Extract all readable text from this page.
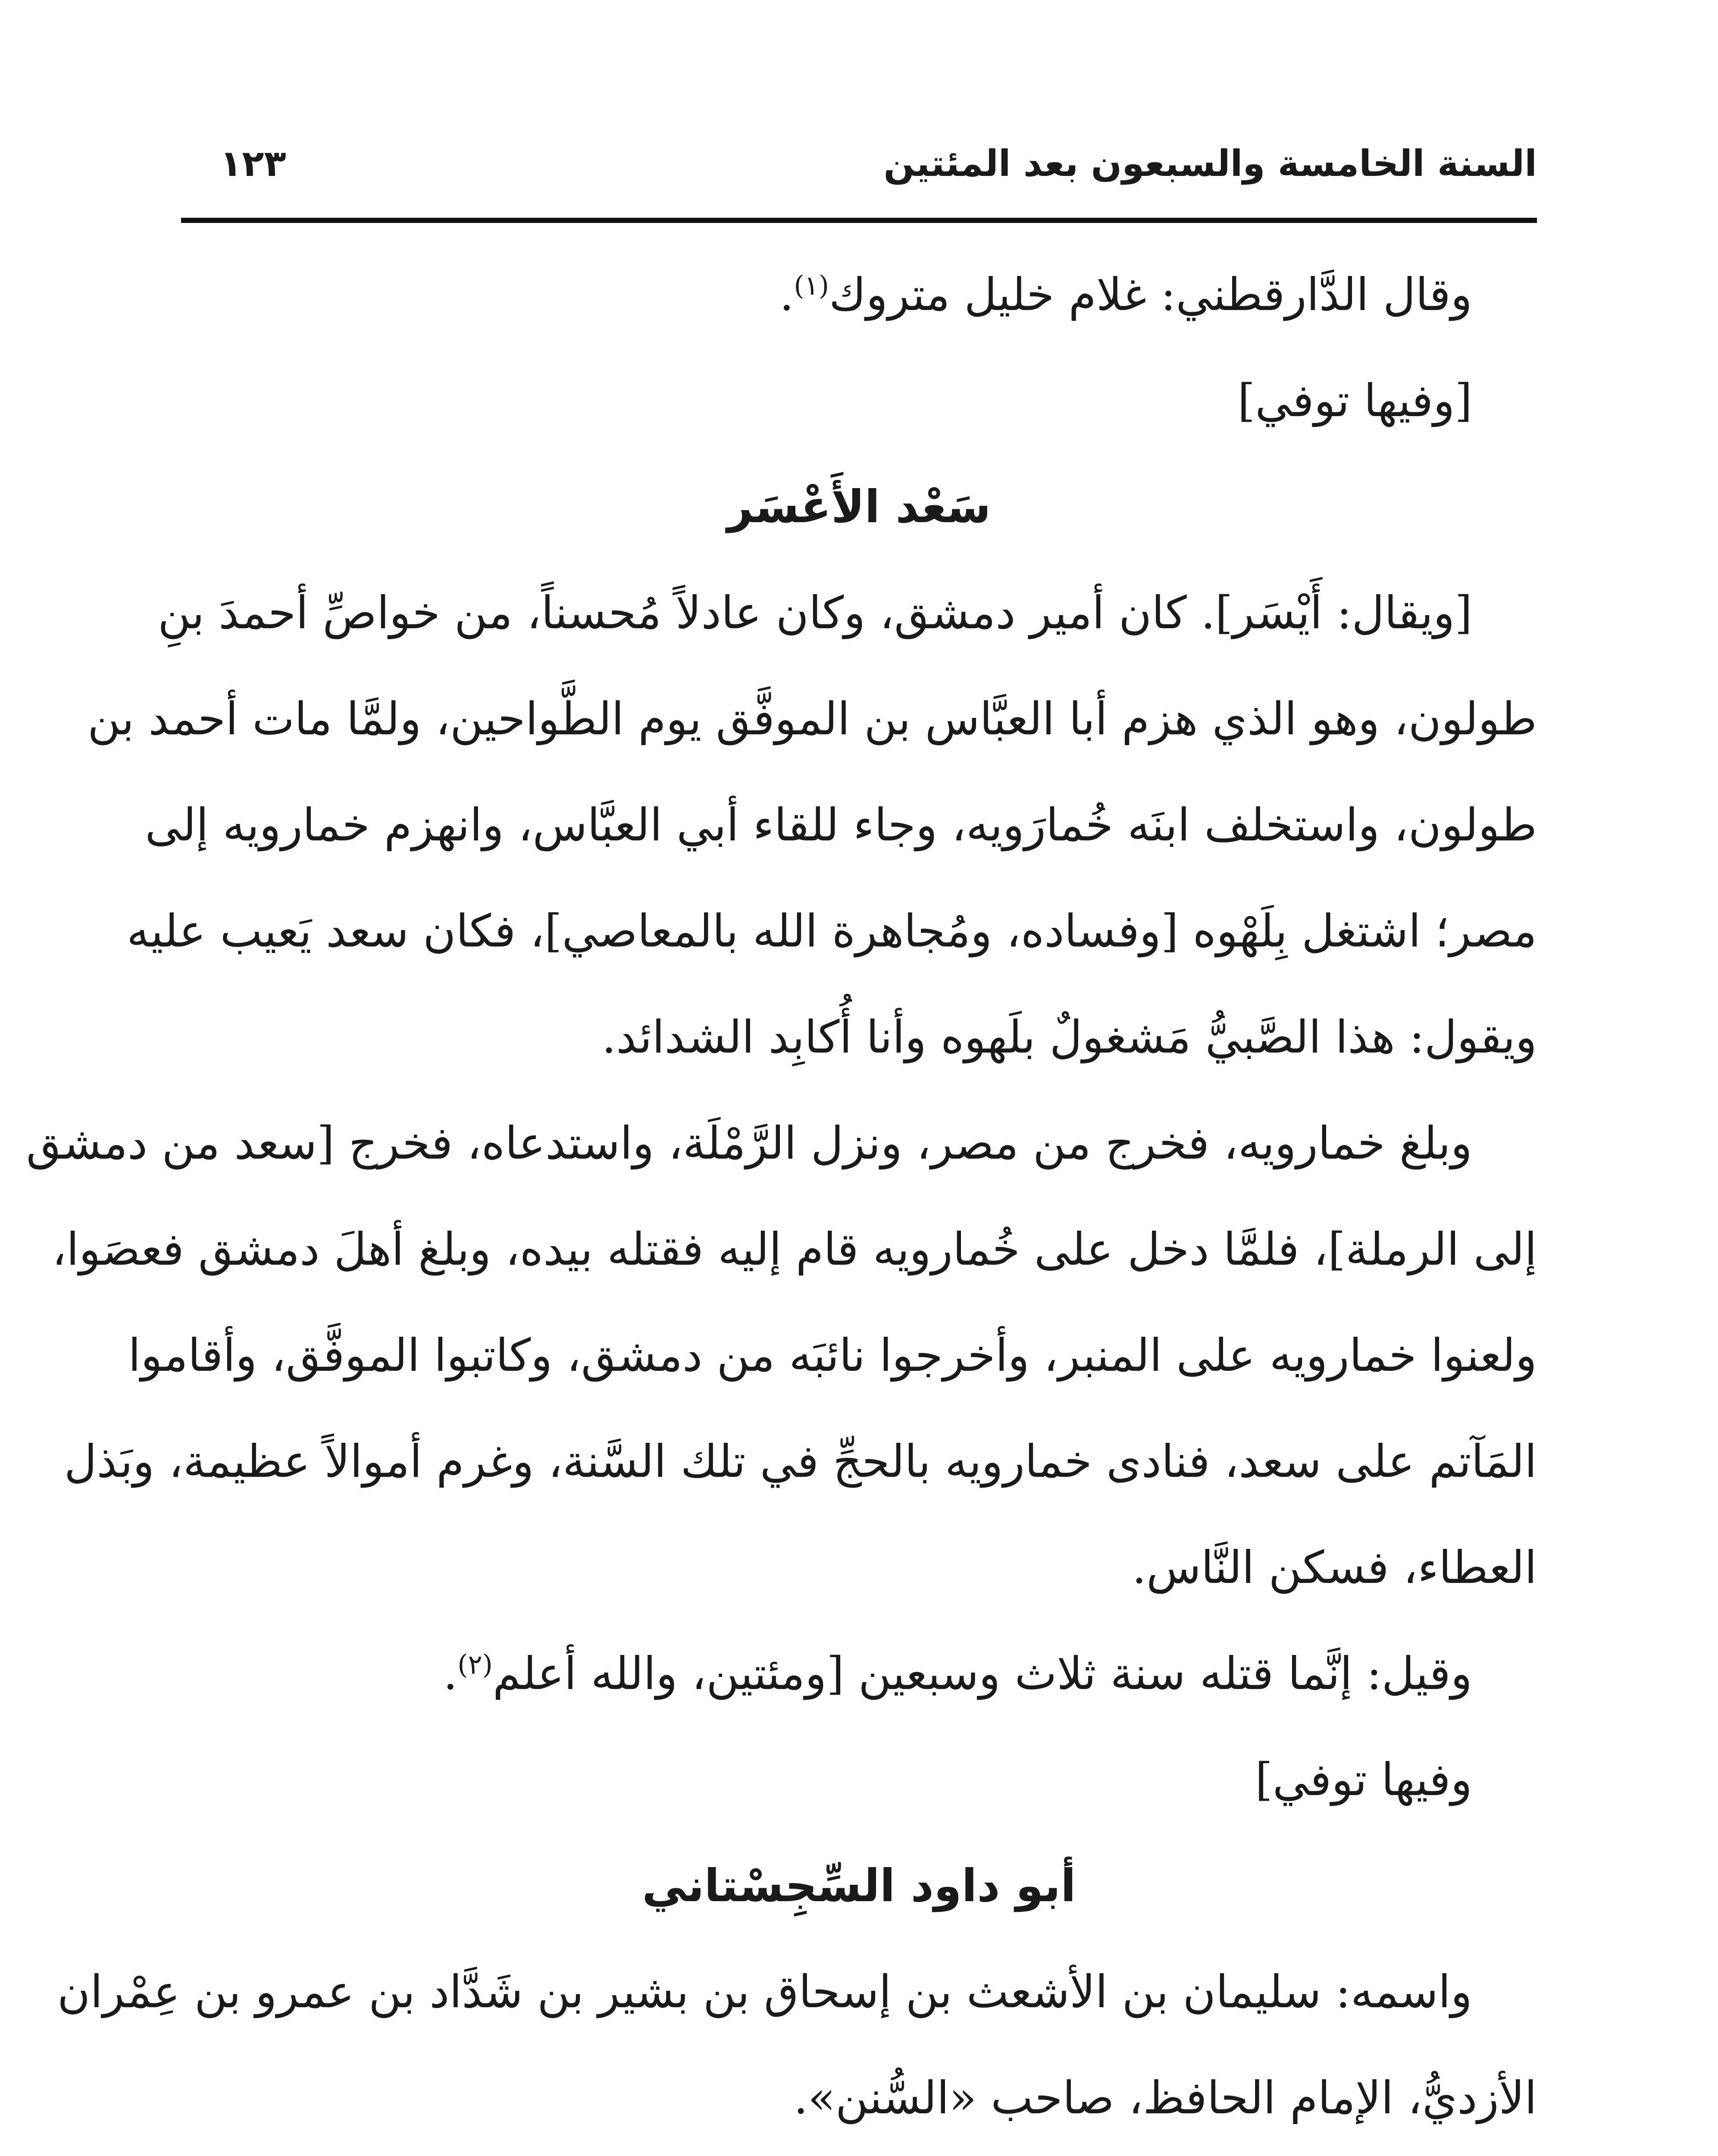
السنة الخامسة والسبعون بعد المئتين
١٢٣
وقال الدَّارقطني: غلام خليل متروك$^{(١)}$.
[وفيها توفي]
سَعْد الأَعْسَر
[ويقال: أَيْسَر]. كان أمير دمشق، وكان عادلاً مُحسناً، من خواصِّ أحمدَ بنِ
طولون، وهو الذي هزم أبا العبَّاس بن الموفَّق يوم الطَّواحين، ولمَّا مات أحمد بن
طولون، واستخلف ابنَه خُمارَويه، وجاء للقاء أبي العبَّاس، وانهزم خمارويه إلى
مصر؛ اشتغل بِلَهْوه [وفساده، ومُجاهرة الله بالمعاصي]، فكان سعد يَعيب عليه
ويقول: هذا الصَّبيُّ مَشغولٌ بلَهوه وأنا أُكابِد الشدائد.
وبلغ خمارويه، فخرج من مصر، ونزل الرَّمْلَة، واستدعاه، فخرج [سعد من دمشق
إلى الرملة]، فلمَّا دخل على خُمارويه قام إليه فقتله بيده، وبلغ أهلَ دمشق فعصَوا،
ولعنوا خمارويه على المنبر، وأخرجوا نائبَه من دمشق، وكاتبوا الموفَّق، وأقاموا
المَآتم على سعد، فنادى خمارويه بالحجِّ في تلك السَّنة، وغرم أموالاً عظيمة، وبَذل
العطاء، فسكن النَّاس.
وقيل: إنَّما قتله سنة ثلاث وسبعين [ومئتين، والله أعلم$^{(٢)}$.
وفيها توفي]
أبو داود السِّجِسْتاني
واسمه: سليمان بن الأشعث بن إسحاق بن بشير بن شَدَّاد بن عمرو بن عِمْران
الأزديُّ، الإمام الحافظ، صاحب «السُّنن».
